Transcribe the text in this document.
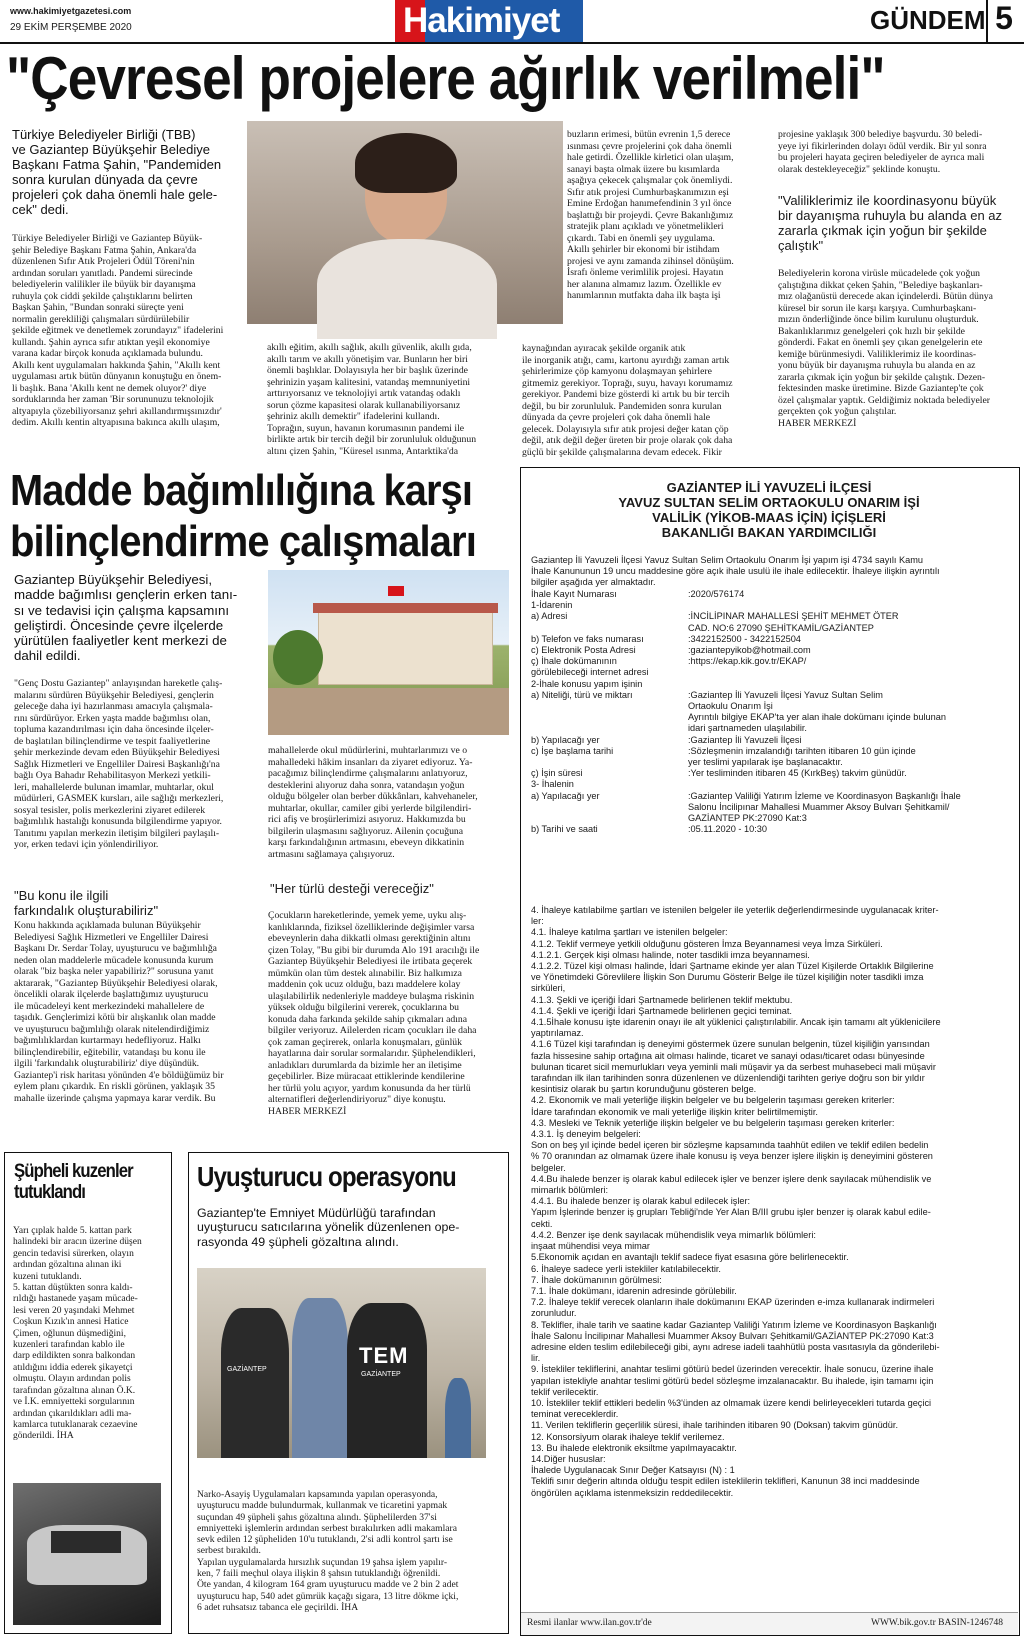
www.hakimiyetgazetesi.com
29 EKİM PERŞEMBE 2020	Hakimiyet	GÜNDEM 5
"Çevresel projelere ağırlık verilmeli"
Türkiye Belediyeler Birliği (TBB)
ve Gaziantep Büyükşehir Belediye
Başkanı Fatma Şahin, "Pandemiden
sonra kurulan dünyada da çevre
projeleri çok daha önemli hale gele-
cek" dedi.
Türkiye Belediyeler Birliği ve Gaziantep Büyük-
şehir Belediye Başkanı Fatma Şahin, Ankara'da
düzenlenen Sıfır Atık Projeleri Ödül Töreni'nin
ardından soruları yanıtladı. Pandemi sürecinde
belediyelerin valilikler ile büyük bir dayanışma
ruhuyla çok ciddi şekilde çalıştıklarını belirten
Başkan Şahin, "Bundan sonraki süreçte yeni
normalin gerekliliği çalışmaları sürdürülebilir
şekilde eğitmek ve denetlemek zorundayız" ifadelerini
kullandı. Şahin ayrıca sıfır atıktan yeşil ekonomiye
varana kadar birçok konuda açıklamada bulundu.
Akıllı kent uygulamaları hakkında Şahin, "Akıllı kent
uygulaması artık bütün dünyanın konuştuğu en önem-
li başlık. Bana 'Akıllı kent ne demek oluyor?' diye
sorduklarında her zaman 'Bir sorununuzu teknolojik
altyapıyla çözebiliyorsanız şehri akıllandırmışsınızdır'
dedim. Akıllı kentin altyapısına bakınca akıllı ulaşım,
akıllı eğitim, akıllı sağlık, akıllı güvenlik, akıllı gıda,
akıllı tarım ve akıllı yönetişim var. Bunların her biri
önemli başlıklar. Dolayısıyla her bir başlık üzerinde
şehrinizin yaşam kalitesini, vatandaş memnuniyetini
arttırıyorsanız ve teknolojiyi artık vatandaş odaklı
sorun çözme kapasitesi olarak kullanabiliyorsanız
şehriniz akıllı demektir" ifadelerini kullandı.
Toprağın, suyun, havanın korumasının pandemi ile
birlikte artık bir tercih değil bir zorunluluk olduğunun
altını çizen Şahin, "Küresel ısınma, Antarktika'da
buzların erimesi, bütün evrenin 1,5 derece
ısınması çevre projelerini çok daha önemli
hale getirdi. Özellikle kirletici olan ulaşım,
sanayi başta olmak üzere bu kısımlarda
aşağıya çekecek çalışmalar çok önemliydi.
Sıfır atık projesi Cumhurbaşkanımızın eşi
Emine Erdoğan hanımefendinin 3 yıl önce
başlattığı bir projeydi. Çevre Bakanlığımız
stratejik planı açıkladı ve yönetmelikleri
çıkardı. Tabi en önemli şey uygulama.
Akıllı şehirler bir ekonomi bir istihdam
projesi ve aynı zamanda zihinsel dönüşüm.
İsrafı önleme verimlilik projesi. Hayatın
her alanına almamız lazım. Özellikle ev
hanımlarının mutfakta daha ilk başta işi
kaynağından ayıracak şekilde organik atık
ile inorganik atığı, camı, kartonu ayırdığı zaman artık
şehirlerimize çöp kamyonu dolaşmayan şehirlere
gitmemiz gerekiyor. Toprağı, suyu, havayı korumamız
gerekiyor. Pandemi bize gösterdi ki artık bu bir tercih
değil, bu bir zorunluluk. Pandemiden sonra kurulan
dünyada da çevre projeleri çok daha önemli hale
gelecek. Dolayısıyla sıfır atık projesi değer katan çöp
değil, atık değil değer üreten bir proje olarak çok daha
güçlü bir şekilde çalışmalarına devam edecek. Fikir
projesine yaklaşık 300 belediye başvurdu. 30 beledi-
yeye iyi fikirlerinden dolayı ödül verdik. Bir yıl sonra
bu projeleri hayata geçiren belediyeler de ayrıca mali
olarak destekleyeceğiz" şeklinde konuştu.
"Valiliklerimiz ile koordinasyonu büyük
bir dayanışma ruhuyla bu alanda en az
zararla çıkmak için yoğun bir şekilde
çalıştık"
Belediyelerin korona virüsle mücadelede çok yoğun
çalıştığına dikkat çeken Şahin, "Belediye başkanları-
mız olağanüstü derecede akan içindelerdi. Bütün dünya
küresel bir sorun ile karşı karşıya. Cumhurbaşkanı-
mızın önderliğinde önce bilim kurulunu oluşturduk.
Bakanlıklarımız genelgeleri çok hızlı bir şekilde
gönderdi. Fakat en önemli şey çıkan genelgelerin ete
kemiğe bürünmesiydi. Valiliklerimiz ile koordinas-
yonu büyük bir dayanışma ruhuyla bu alanda en az
zararla çıkmak için yoğun bir şekilde çalıştık. Dezen-
fektesinden maske üretimine. Bizde Gaziantep'te çok
özel çalışmalar yaptık. Geldiğimiz noktada belediyeler
gerçekten çok yoğun çalıştılar.
HABER MERKEZİ
Madde bağımlılığına karşı
bilinçlendirme çalışmaları
Gaziantep Büyükşehir Belediyesi,
madde bağımlısı gençlerin erken tanı-
sı ve tedavisi için çalışma kapsamını
geliştirdi. Öncesinde çevre ilçelerde
yürütülen faaliyetler kent merkezi de
dahil edildi.
"Genç Dostu Gaziantep" anlayışından hareketle çalış-
malarını sürdüren Büyükşehir Belediyesi, gençlerin
geleceğe daha iyi hazırlanması amacıyla çalışmala-
rını sürdürüyor. Erken yaşta madde bağımlısı olan,
topluma kazandırılması için daha öncesinde ilçeler-
de başlatılan bilinçlendirme ve tespit faaliyetlerine
şehir merkezinde devam eden Büyükşehir Belediyesi
Sağlık Hizmetleri ve Engelliler Dairesi Başkanlığı'na
bağlı Oya Bahadır Rehabilitasyon Merkezi yetkili-
leri, mahallelerde bulunan imamlar, muhtarlar, okul
müdürleri, GASMEK kursları, aile sağlığı merkezleri,
sosyal tesisler, polis merkezlerini ziyaret edilerek
bağımlılık hastalığı konusunda bilgilendirme yapıyor.
Tanıtımı yapılan merkezin iletişim bilgileri paylaşılı-
yor, erken tedavi için yönlendiriliyor.
"Bu konu ile ilgili
farkındalık oluşturabiliriz"
Konu hakkında açıklamada bulunan Büyükşehir
Belediyesi Sağlık Hizmetleri ve Engelliler Dairesi
Başkanı Dr. Serdar Tolay, uyuşturucu ve bağımlılığa
neden olan maddelerle mücadele konusunda kurum
olarak "biz başka neler yapabiliriz?" sorusuna yanıt
aktararak, "Gaziantep Büyükşehir Belediyesi olarak,
öncelikli olarak ilçelerde başlattığımız uyuşturucu
ile mücadeleyi kent merkezindeki mahallelere de
taşıdık. Gençlerimizi kötü bir alışkanlık olan madde
ve uyuşturucu bağımlılığı olarak nitelendirdiğimiz
bağımlılıklardan kurtarmayı hedefliyoruz. Halkı
bilinçlendirebilir, eğitebilir, vatandaşı bu konu ile
ilgili 'farkındalık oluşturabiliriz' diye düşündük.
Gaziantep'i risk haritası yönünden 4'e böldüğümüz bir
eylem planı çıkardık. En riskli görünen, yaklaşık 35
mahalle üzerinde çalışma yapmaya karar verdik. Bu
mahallelerde okul müdürlerini, muhtarlarımızı ve o
mahalledeki hâkim insanları da ziyaret ediyoruz. Ya-
pacağımız bilinçlendirme çalışmalarını anlatıyoruz,
desteklerini alıyoruz daha sonra, vatandaşın yoğun
olduğu bölgeler olan berber dükkânları, kahvehaneler,
muhtarlar, okullar, camiler gibi yerlerde bilgilendiri-
rici afiş ve broşürlerimizi asıyoruz. Hakkımızda bu
bilgilerin ulaşmasını sağlıyoruz. Ailenin çocuğuna
karşı farkındalığının artmasını, ebeveyn dikkatinin
artmasını sağlamaya çalışıyoruz.
"Her türlü desteği vereceğiz"
Çocukların hareketlerinde, yemek yeme, uyku alış-
kanlıklarında, fiziksel özelliklerinde değişimler varsa
ebeveynlerin daha dikkatli olması gerektiğinin altını
çizen Tolay, "Bu gibi bir durumda Alo 191 aracılığı ile
Gaziantep Büyükşehir Belediyesi ile irtibata geçerek
mümkün olan tüm destek alınabilir. Biz halkımıza
maddenin çok ucuz olduğu, bazı maddelere kolay
ulaşılabilirlik nedenleriyle maddeye bulaşma riskinin
yüksek olduğu bilgilerini vererek, çocuklarına bu
konuda daha farkında şekilde sahip çıkmaları adına
bilgiler veriyoruz. Ailelerden ricam çocukları ile daha
çok zaman geçirerek, onlarla konuşmaları, günlük
hayatlarına dair sorular sormalarıdır. Şüphelendikleri,
anladıkları durumlarda da bizimle her an iletişime
geçebilirler. Bize müracaat ettiklerinde kendilerine
her türlü yolu açıyor, yardım konusunda da her türlü
alternatifleri değerlendiriyoruz" diye konuştu.
HABER MERKEZİ
Şüpheli kuzenler
tutuklandı
Yarı çıplak halde 5. kattan park
halindeki bir aracın üzerine düşen
gencin tedavisi sürerken, olayın
ardından gözaltına alınan iki
kuzeni tutuklandı.
5. kattan düştükten sonra kaldı-
rıldığı hastanede yaşam mücade-
lesi veren 20 yaşındaki Mehmet
Coşkun Kızık'ın annesi Hatice
Çimen, oğlunun düşmediğini,
kuzenleri tarafından kablo ile
darp edildikten sonra balkondan
atıldığını iddia ederek şikayetçi
olmuştu. Olayın ardından polis
tarafından gözaltına alınan Ö.K.
ve İ.K. emniyetteki sorgularının
ardından çıkarıldıkları adli ma-
kamlarca tutuklanarak cezaevine
gönderildi. İHA
Uyuşturucu operasyonu
Gaziantep'te Emniyet Müdürlüğü tarafından
uyuşturucu satıcılarına yönelik düzenlenen ope-
rasyonda 49 şüpheli gözaltına alındı.
GAZİANTEP
TEM
GAZİANTEP
Narko-Asayiş Uygulamaları kapsamında yapılan operasyonda,
uyuşturucu madde bulundurmak, kullanmak ve ticaretini yapmak
suçundan 49 şüpheli şahıs gözaltına alındı. Şüphelilerden 37'si
emniyetteki işlemlerin ardından serbest bırakılırken adli makamlara
sevk edilen 12 şüpheliden 10'u tutuklandı, 2'si adli kontrol şartı ise
serbest bırakıldı.
Yapılan uygulamalarda hırsızlık suçundan 19 şahsa işlem yapılır-
ken, 7 faili meçhul olaya ilişkin 8 şahsın tutuklandığı öğrenildi.
Öte yandan, 4 kilogram 164 gram uyuşturucu madde ve 2 bin 2 adet
uyuşturucu hap, 540 adet gümrük kaçağı sigara, 13 litre dökme içki,
6 adet ruhsatsız tabanca ele geçirildi. İHA
GAZİANTEP İLİ YAVUZELİ İLÇESİ
YAVUZ SULTAN SELİM ORTAOKULU ONARIM İŞİ
VALİLİK (YİKOB-MAAS İÇİN) İÇİŞLERİ
BAKANLIĞI BAKAN YARDIMCILIĞI
Gaziantep İli Yavuzeli İlçesi Yavuz Sultan Selim Ortaokulu Onarım İşi yapım işi 4734 sayılı Kamu
İhale Kanununun 19 uncu maddesine göre açık ihale usulü ile ihale edilecektir. İhaleye ilişkin ayrıntılı
bilgiler aşağıda yer almaktadır.
İhale Kayıt Numarası	:2020/576174
1-İdarenin
a) Adresi	:İNCİLİPINAR MAHALLESİ ŞEHİT MEHMET ÖTER
CAD. NO:6 27090 ŞEHİTKAMİL/GAZİANTEP
b) Telefon ve faks numarası	:3422152500 - 3422152504
c) Elektronik Posta Adresi	:gaziantepyikob@hotmail.com
ç) İhale dokümanının
görülebileceği internet adresi
:https://ekap.kik.gov.tr/EKAP/
2-İhale konusu yapım işinin
a) Niteliği, türü ve miktarı	:Gaziantep İli Yavuzeli İlçesi Yavuz Sultan Selim
Ortaokulu Onarım İşi
Ayrıntılı bilgiye EKAP'ta yer alan ihale dokümanı içinde bulunan
idari şartnameden ulaşılabilir.
b) Yapılacağı yer	:Gaziantep İli Yavuzeli İlçesi
c) İşe başlama tarihi	:Sözleşmenin imzalandığı tarihten itibaren 10 gün içinde
yer teslimi yapılarak işe başlanacaktır.
ç) İşin süresi	:Yer tesliminden itibaren 45 (KırkBeş) takvim günüdür.
3- İhalenin
a) Yapılacağı yer	:Gaziantep Valiliği Yatırım İzleme ve Koordinasyon Başkanlığı İhale
Salonu İncilipınar Mahallesi Muammer Aksoy Bulvarı Şehitkamil/
GAZİANTEP PK:27090 Kat:3
b) Tarihi ve saati	:05.11.2020 - 10:30
4. İhaleye katılabilme şartları ve istenilen belgeler ile yeterlik değerlendirmesinde uygulanacak kriter-
ler:
4.1. İhaleye katılma şartları ve istenilen belgeler:
4.1.2. Teklif vermeye yetkili olduğunu gösteren İmza Beyannamesi veya İmza Sirküleri.
4.1.2.1. Gerçek kişi olması halinde, noter tasdikli imza beyannamesi.
4.1.2.2. Tüzel kişi olması halinde, İdari Şartname ekinde yer alan Tüzel Kişilerde Ortaklık Bilgilerine
ve Yönetimdeki Görevlilere İlişkin Son Durumu Gösterir Belge ile tüzel kişiliğin noter tasdikli imza
sirküleri,
4.1.3. Şekli ve içeriği İdari Şartnamede belirlenen teklif mektubu.
4.1.4. Şekli ve içeriği İdari Şartnamede belirlenen geçici teminat.
4.1.5İhale konusu işte idarenin onayı ile alt yüklenici çalıştırılabilir. Ancak işin tamamı alt yüklenicilere
yaptırılamaz.
4.1.6 Tüzel kişi tarafından iş deneyimi göstermek üzere sunulan belgenin, tüzel kişiliğin yarısından
fazla hissesine sahip ortağına ait olması halinde, ticaret ve sanayi odası/ticaret odası bünyesinde
bulunan ticaret sicil memurlukları veya yeminli mali müşavir ya da serbest muhasebeci mali müşavir
tarafından ilk ilan tarihinden sonra düzenlenen ve düzenlendiği tarihten geriye doğru son bir yıldır
kesintisiz olarak bu şartın korunduğunu gösteren belge.
4.2. Ekonomik ve mali yeterliğe ilişkin belgeler ve bu belgelerin taşıması gereken kriterler:
İdare tarafından ekonomik ve mali yeterliğe ilişkin kriter belirtilmemiştir.
4.3. Mesleki ve Teknik yeterliğe ilişkin belgeler ve bu belgelerin taşıması gereken kriterler:
4.3.1. İş deneyim belgeleri:
Son on beş yıl içinde bedel içeren bir sözleşme kapsamında taahhüt edilen ve teklif edilen bedelin
% 70 oranından az olmamak üzere ihale konusu iş veya benzer işlere ilişkin iş deneyimini gösteren
belgeler.
4.4.Bu ihalede benzer iş olarak kabul edilecek işler ve benzer işlere denk sayılacak mühendislik ve
mimarlık bölümleri:
4.4.1. Bu ihalede benzer iş olarak kabul edilecek işler:
Yapım İşlerinde benzer iş grupları Tebliği'nde Yer Alan B/III grubu işler benzer iş olarak kabul edile-
cekti.
4.4.2. Benzer işe denk sayılacak mühendislik veya mimarlık bölümleri:
inşaat mühendisi veya mimar
5.Ekonomik açıdan en avantajlı teklif sadece fiyat esasına göre belirlenecektir.
6. İhaleye sadece yerli istekliler katılabilecektir.
7. İhale dokümanının görülmesi:
7.1. İhale dokümanı, idarenin adresinde görülebilir.
7.2. İhaleye teklif verecek olanların ihale dokümanını EKAP üzerinden e-imza kullanarak indirmeleri
zorunludur.
8. Teklifler, ihale tarih ve saatine kadar Gaziantep Valiliği Yatırım İzleme ve Koordinasyon Başkanlığı
İhale Salonu İncilipınar Mahallesi Muammer Aksoy Bulvarı Şehitkamil/GAZİANTEP PK:27090 Kat:3
adresine elden teslim edilebileceği gibi, aynı adrese iadeli taahhütlü posta vasıtasıyla da gönderilebi-
lir.
9. İstekliler tekliflerini, anahtar teslimi götürü bedel üzerinden verecektir. İhale sonucu, üzerine ihale
yapılan istekliyle anahtar teslimi götürü bedel sözleşme imzalanacaktır. Bu ihalede, işin tamamı için
teklif verilecektir.
10. İstekliler teklif ettikleri bedelin %3'ünden az olmamak üzere kendi belirleyecekleri tutarda geçici
teminat vereceklerdir.
11. Verilen tekliflerin geçerlilik süresi, ihale tarihinden itibaren 90 (Doksan) takvim günüdür.
12. Konsorsiyum olarak ihaleye teklif verilemez.
13. Bu ihalede elektronik eksiltme yapılmayacaktır.
14.Diğer hususlar:
İhalede Uygulanacak Sınır Değer Katsayısı (N) : 1
Teklifi sınır değerin altında olduğu tespit edilen isteklilerin teklifleri, Kanunun 38 inci maddesinde
öngörülen açıklama istenmeksizin reddedilecektir.
Resmi ilanlar www.ilan.gov.tr'de	WWW.bik.gov.tr BASIN-1246748
